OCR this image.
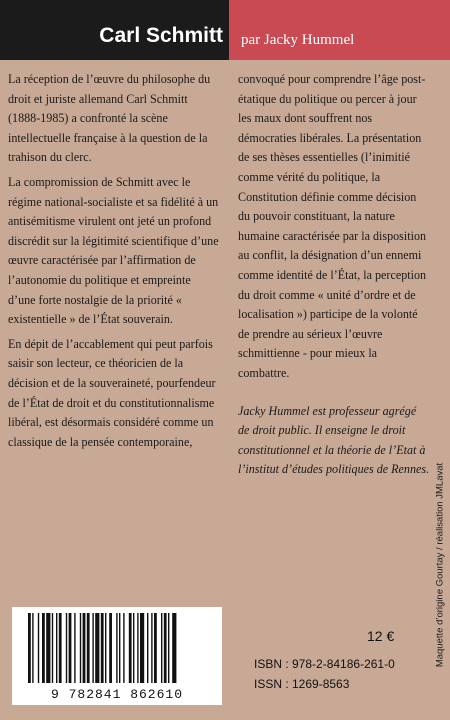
Carl Schmitt	par Jacky Hummel

La réception de l’œuvre du philosophe du droit et juriste allemand Carl Schmitt (1888-1985) a confronté la scène intellectuelle française à la question de la trahison du clerc.

La compromission de Schmitt avec le régime national-socialiste et sa fidélité à un antisémitisme virulent ont jeté un profond discrédit sur la légitimité scientifique d’une œuvre caractérisée par l’affirmation de l’autonomie du politique et empreinte d’une forte nostalgie de la priorité « existentielle » de l’État souverain.

En dépit de l’accablement qui peut parfois saisir son lecteur, ce théoricien de la décision et de la souveraineté, pourfendeur de l’État de droit et du constitutionnalisme libéral, est désormais considéré comme un classique de la pensée contemporaine,

convoqué pour comprendre l’âge post-étatique du politique ou percer à jour les maux dont souffrent nos démocraties libérales. La présentation de ses thèses essentielles (l’inimitié comme vérité du politique, la Constitution définie comme décision du pouvoir constituant, la nature humaine caractérisée par la disposition au conflit, la désignation d’un ennemi comme identité de l’État, la perception du droit comme « unité d’ordre et de localisation ») participe de la volonté de prendre au sérieux l’œuvre schmittienne - pour mieux la combattre.

Jacky Hummel est professeur agrégé de droit public. Il enseigne le droit constitutionnel et la théorie de l’Etat à l’institut d’études politiques de Rennes. Maquette d’origine Gourtay / réalisation JMLavat
9 782841 862610
12 €
ISBN : 978-2-84186-261-0
ISSN : 1269-8563
